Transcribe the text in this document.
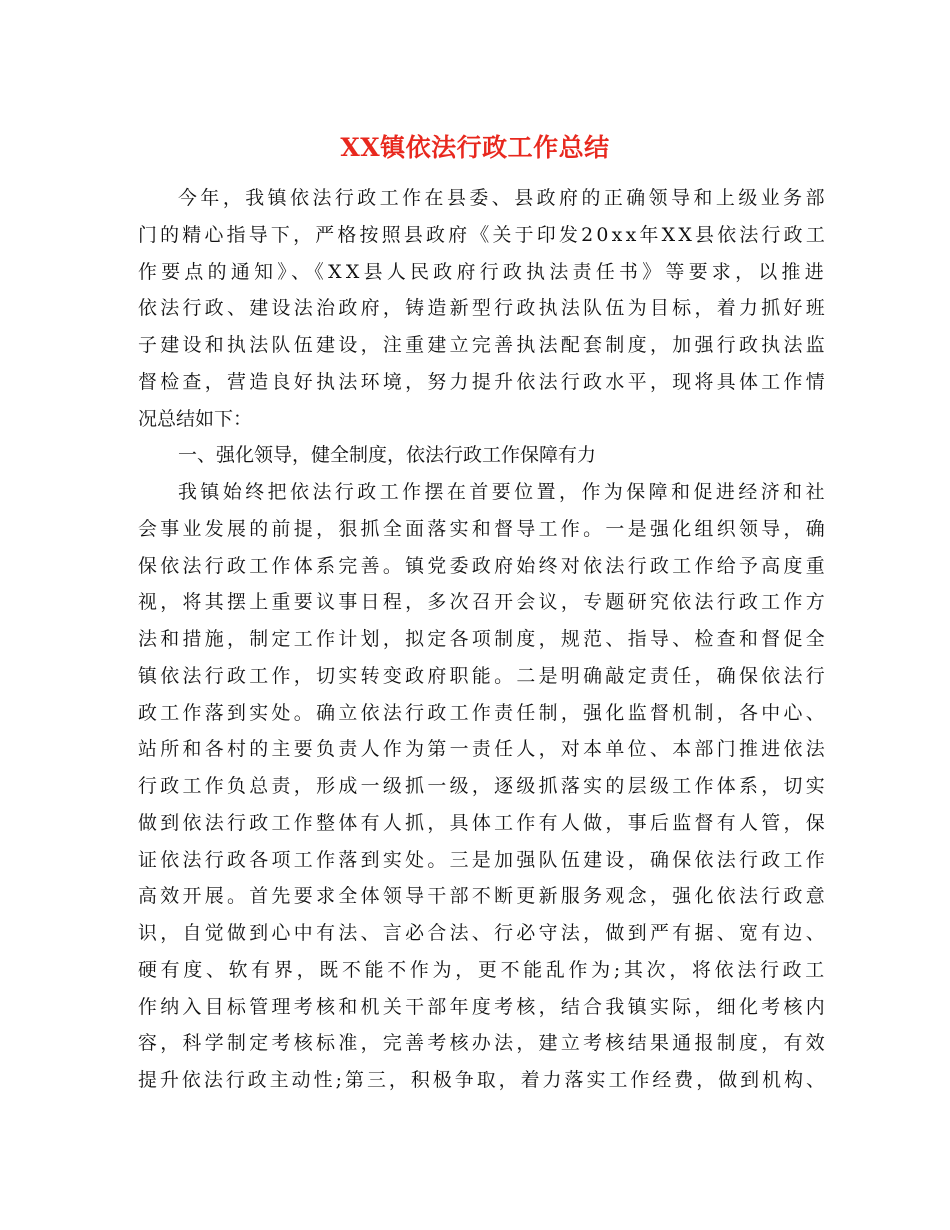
XX镇依法行政工作总结
今年，我镇依法行政工作在县委、县政府的正确领导和上级业务部
门的精心指导下，严格按照县政府《关于印发20xx年XX县依法行政工
作要点的通知》、《XX县人民政府行政执法责任书》等要求，以推进
依法行政、建设法治政府，铸造新型行政执法队伍为目标，着力抓好班
子建设和执法队伍建设，注重建立完善执法配套制度，加强行政执法监
督检查，营造良好执法环境，努力提升依法行政水平，现将具体工作情
况总结如下：
一、强化领导，健全制度，依法行政工作保障有力
我镇始终把依法行政工作摆在首要位置，作为保障和促进经济和社
会事业发展的前提，狠抓全面落实和督导工作。一是强化组织领导，确
保依法行政工作体系完善。镇党委政府始终对依法行政工作给予高度重
视，将其摆上重要议事日程，多次召开会议，专题研究依法行政工作方
法和措施，制定工作计划，拟定各项制度，规范、指导、检查和督促全
镇依法行政工作，切实转变政府职能。二是明确敲定责任，确保依法行
政工作落到实处。确立依法行政工作责任制，强化监督机制，各中心、
站所和各村的主要负责人作为第一责任人，对本单位、本部门推进依法
行政工作负总责，形成一级抓一级，逐级抓落实的层级工作体系，切实
做到依法行政工作整体有人抓，具体工作有人做，事后监督有人管，保
证依法行政各项工作落到实处。三是加强队伍建设，确保依法行政工作
高效开展。首先要求全体领导干部不断更新服务观念，强化依法行政意
识，自觉做到心中有法、言必合法、行必守法，做到严有据、宽有边、
硬有度、软有界，既不能不作为，更不能乱作为;其次，将依法行政工
作纳入目标管理考核和机关干部年度考核，结合我镇实际，细化考核内
容，科学制定考核标准，完善考核办法，建立考核结果通报制度，有效
提升依法行政主动性;第三，积极争取，着力落实工作经费，做到机构、
